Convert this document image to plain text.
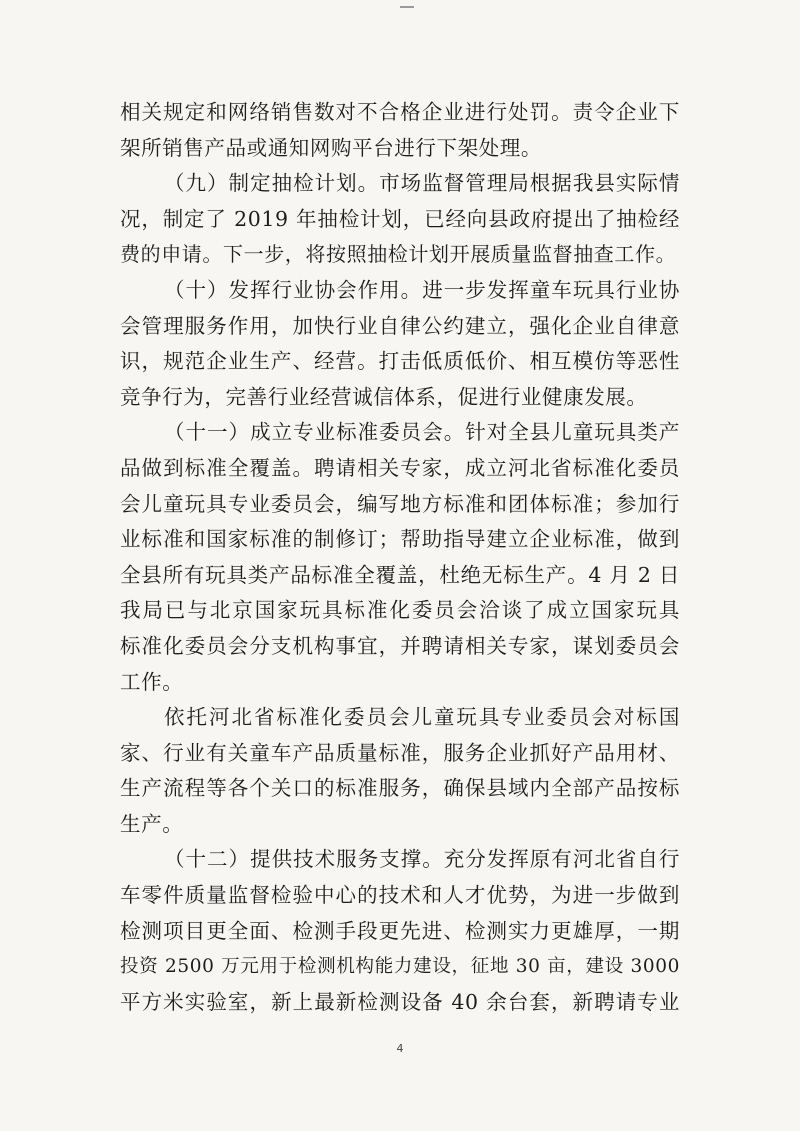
相关规定和网络销售数对不合格企业进行处罚。责令企业下
架所销售产品或通知网购平台进行下架处理。
（九）制定抽检计划。市场监督管理局根据我县实际情
况，制定了 2019 年抽检计划，已经向县政府提出了抽检经
费的申请。下一步，将按照抽检计划开展质量监督抽查工作。
（十）发挥行业协会作用。进一步发挥童车玩具行业协
会管理服务作用，加快行业自律公约建立，强化企业自律意
识，规范企业生产、经营。打击低质低价、相互模仿等恶性
竞争行为，完善行业经营诚信体系，促进行业健康发展。
（十一）成立专业标准委员会。针对全县儿童玩具类产
品做到标准全覆盖。聘请相关专家，成立河北省标准化委员
会儿童玩具专业委员会，编写地方标准和团体标准；参加行
业标准和国家标准的制修订；帮助指导建立企业标准，做到
全县所有玩具类产品标准全覆盖，杜绝无标生产。4 月 2 日
我局已与北京国家玩具标准化委员会洽谈了成立国家玩具
标准化委员会分支机构事宜，并聘请相关专家，谋划委员会
工作。
依托河北省标准化委员会儿童玩具专业委员会对标国
家、行业有关童车产品质量标准，服务企业抓好产品用材、
生产流程等各个关口的标准服务，确保县域内全部产品按标
生产。
（十二）提供技术服务支撑。充分发挥原有河北省自行
车零件质量监督检验中心的技术和人才优势，为进一步做到
检测项目更全面、检测手段更先进、检测实力更雄厚，一期
投资 2500 万元用于检测机构能力建设，征地 30 亩，建设 3000
平方米实验室，新上最新检测设备 40 余台套，新聘请专业
4
